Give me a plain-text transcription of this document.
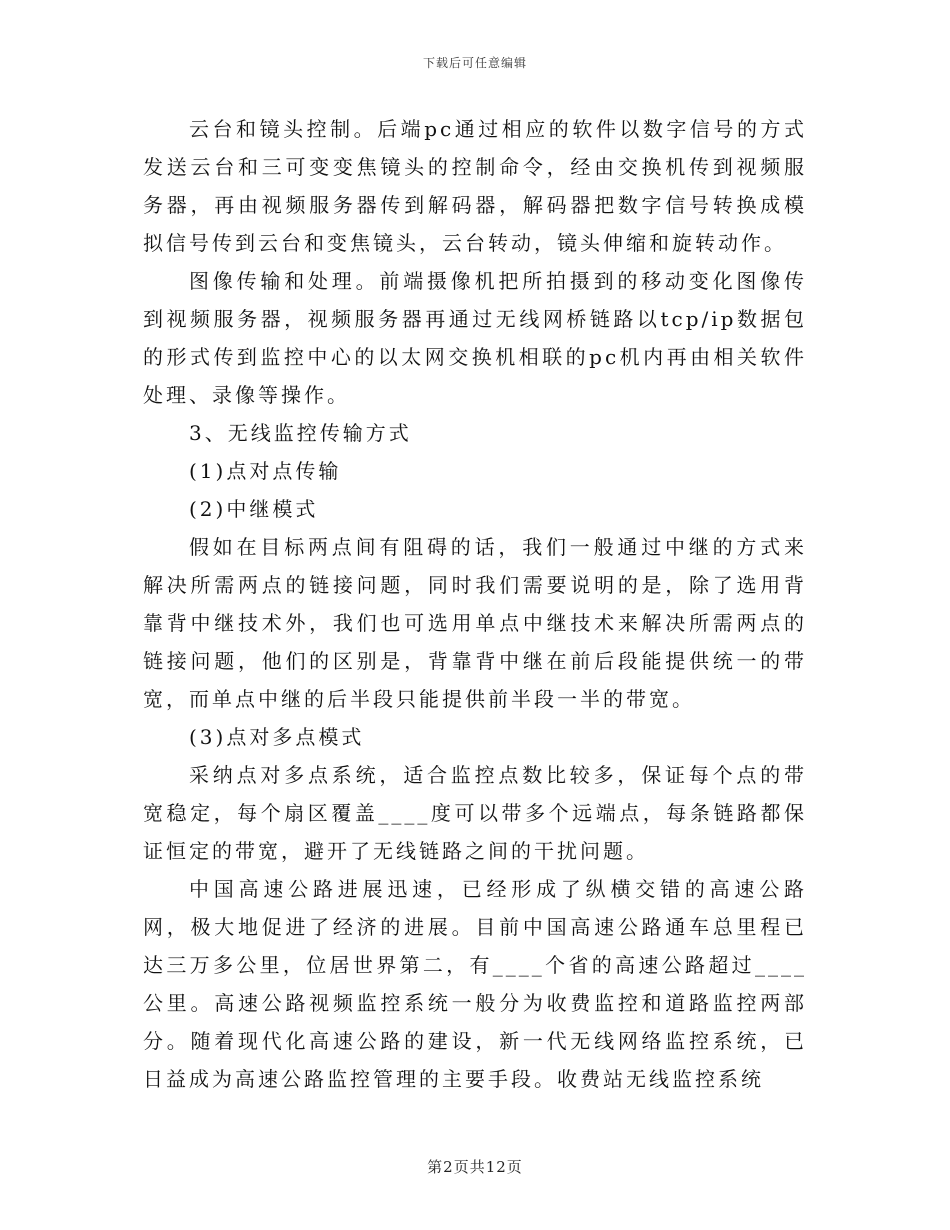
下载后可任意编辑

云台和镜头控制。后端pc通过相应的软件以数字信号的方式发送云台和三可变变焦镜头的控制命令，经由交换机传到视频服务器，再由视频服务器传到解码器，解码器把数字信号转换成模拟信号传到云台和变焦镜头，云台转动，镜头伸缩和旋转动作。

图像传输和处理。前端摄像机把所拍摄到的移动变化图像传到视频服务器，视频服务器再通过无线网桥链路以tcp/ip数据包的形式传到监控中心的以太网交换机相联的pc机内再由相关软件处理、录像等操作。

3、无线监控传输方式

(1)点对点传输

(2)中继模式

假如在目标两点间有阻碍的话，我们一般通过中继的方式来解决所需两点的链接问题，同时我们需要说明的是，除了选用背靠背中继技术外，我们也可选用单点中继技术来解决所需两点的链接问题，他们的区别是，背靠背中继在前后段能提供统一的带宽，而单点中继的后半段只能提供前半段一半的带宽。

(3)点对多点模式

采纳点对多点系统，适合监控点数比较多，保证每个点的带宽稳定，每个扇区覆盖____度可以带多个远端点，每条链路都保证恒定的带宽，避开了无线链路之间的干扰问题。

中国高速公路进展迅速，已经形成了纵横交错的高速公路网，极大地促进了经济的进展。目前中国高速公路通车总里程已达三万多公里，位居世界第二，有____个省的高速公路超过____公里。高速公路视频监控系统一般分为收费监控和道路监控两部分。随着现代化高速公路的建设，新一代无线网络监控系统，已日益成为高速公路监控管理的主要手段。收费站无线监控系统

第2页共12页
